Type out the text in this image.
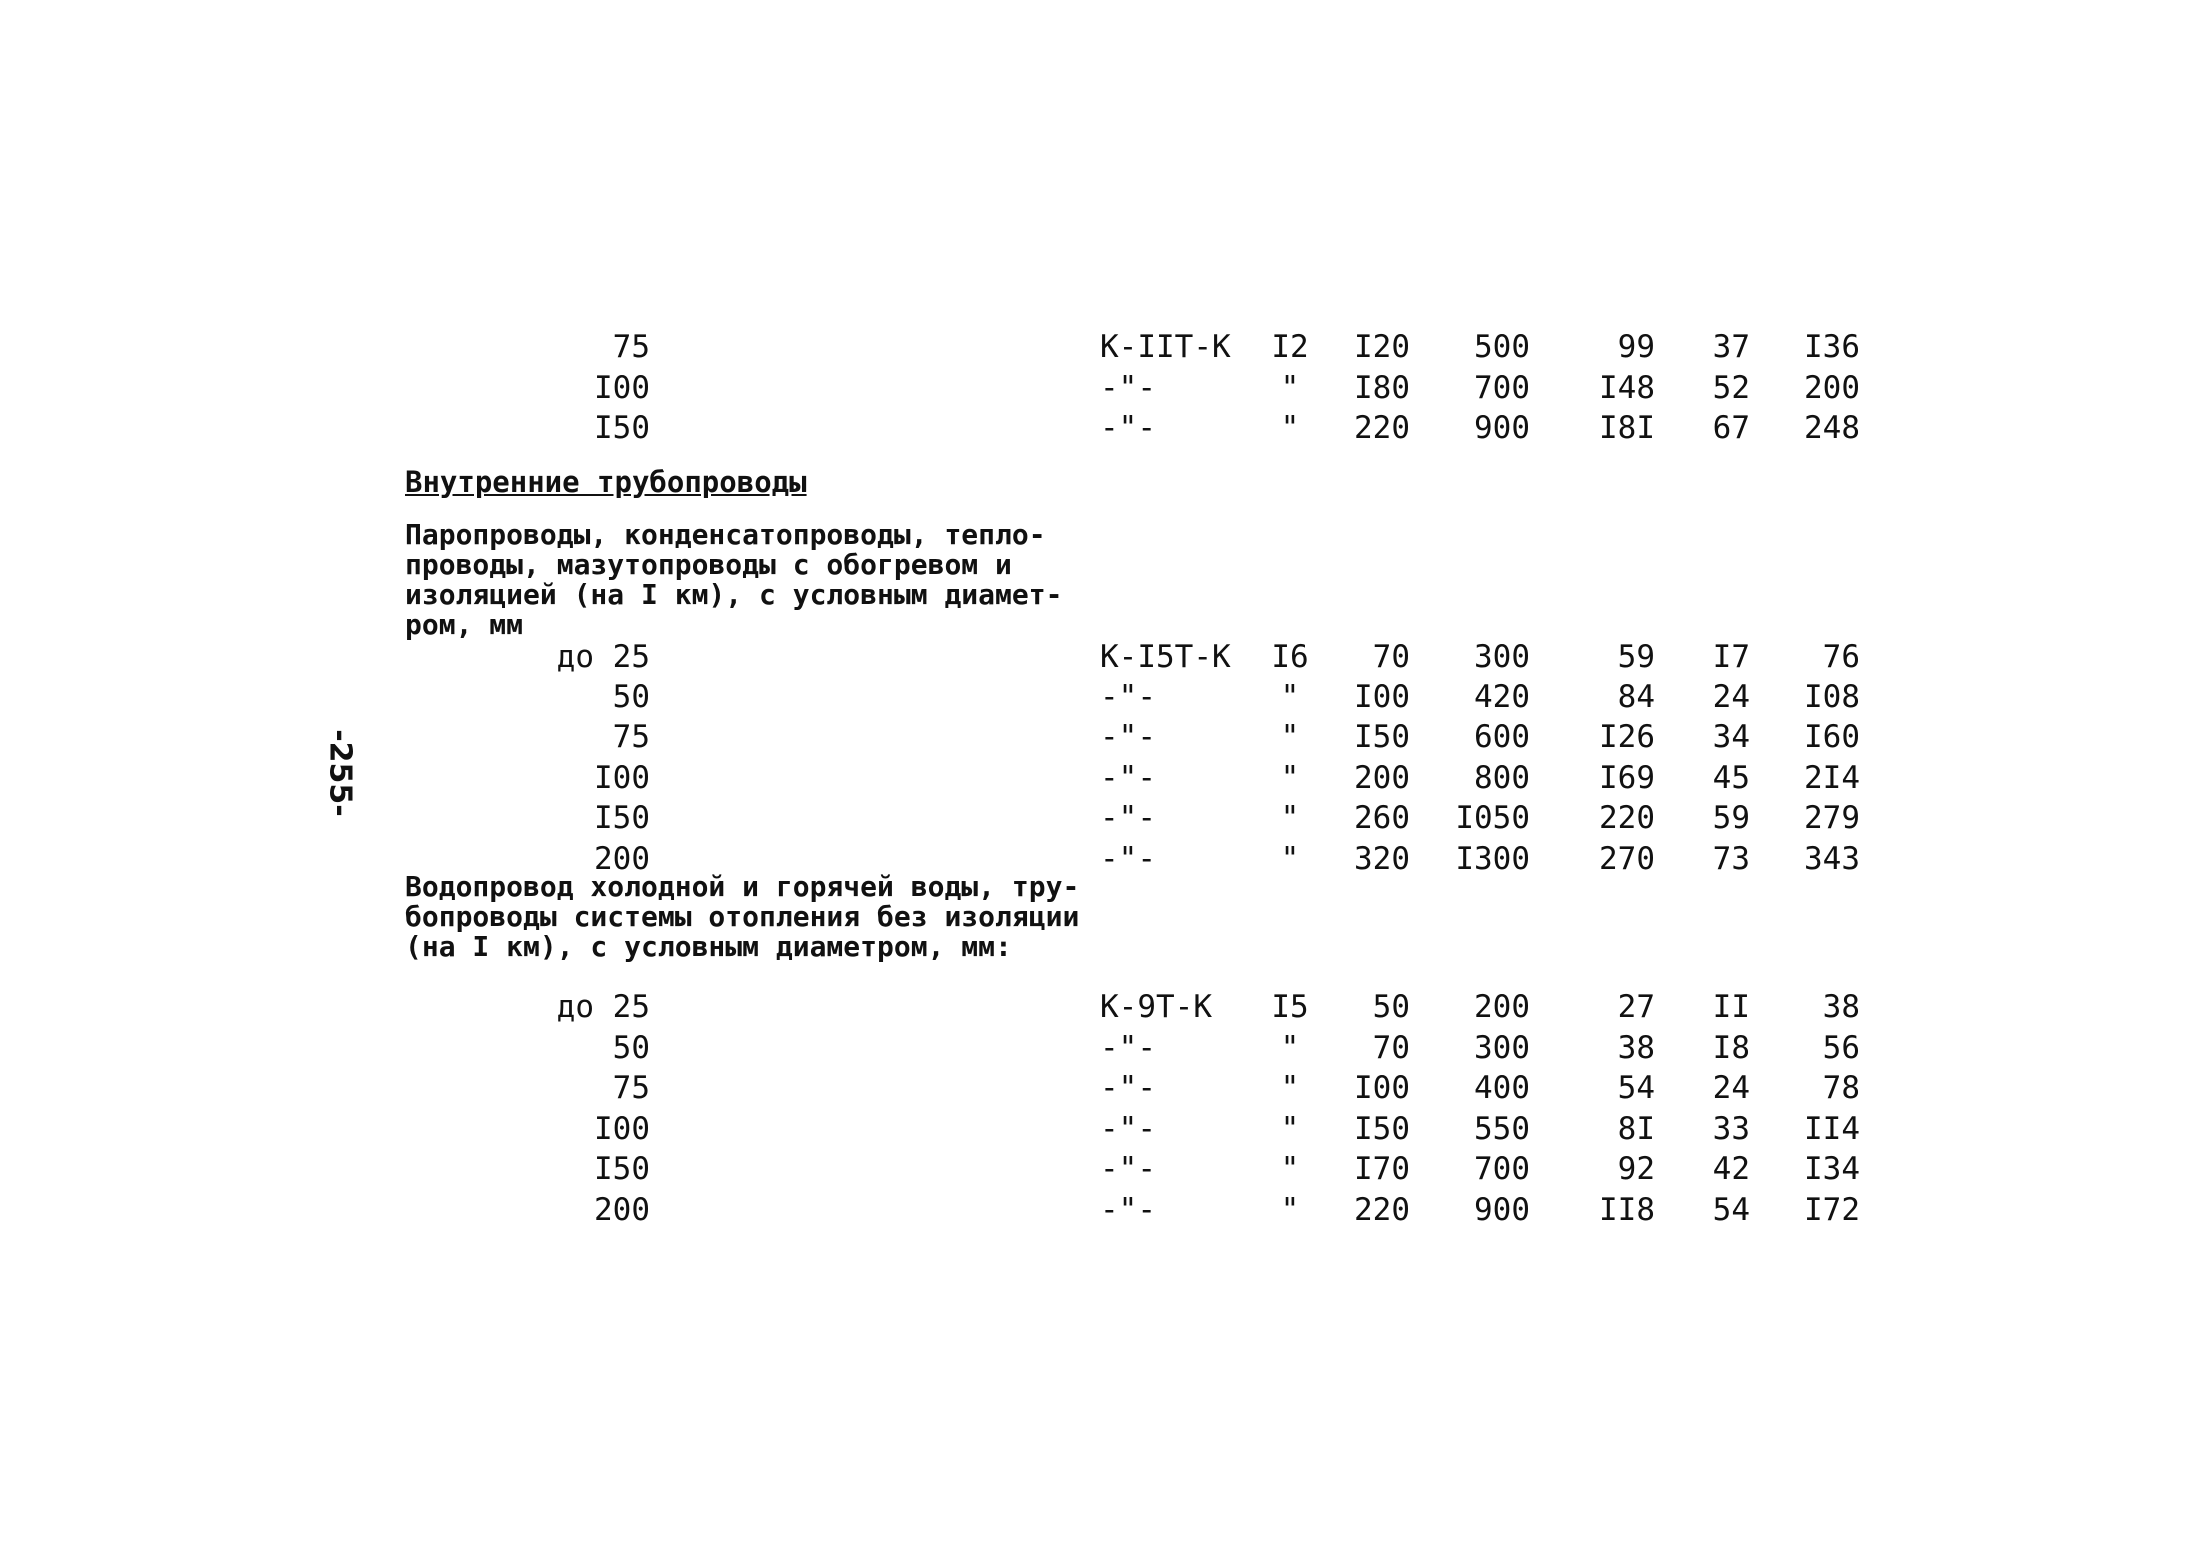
-255-
Внутренние трубопроводы
75	К-IIТ-К	I2	I20	500	99	37	I36
I00	-"-	"	I80	700	I48	52	200
I50	-"-	"	220	900	I8I	67	248
Паропроводы, конденсатопроводы, тепло-
проводы, мазутопроводы с обогревом и
изоляцией (на I км), с условным диамет-
ром, мм
до 25	К-I5Т-К	I6	70	300	59	I7	76
50	-"-	"	I00	420	84	24	I08
75	-"-	"	I50	600	I26	34	I60
I00	-"-	"	200	800	I69	45	2I4
I50	-"-	"	260	I050	220	59	279
200	-"-	"	320	I300	270	73	343
Водопровод холодной и горячей воды, тру-
бопроводы системы отопления без изоляции
(на I км), с условным диаметром, мм:
до 25	К-9Т-К	I5	50	200	27	II	38
50	-"-	"	70	300	38	I8	56
75	-"-	"	I00	400	54	24	78
I00	-"-	"	I50	550	8I	33	II4
I50	-"-	"	I70	700	92	42	I34
200	-"-	"	220	900	II8	54	I72
